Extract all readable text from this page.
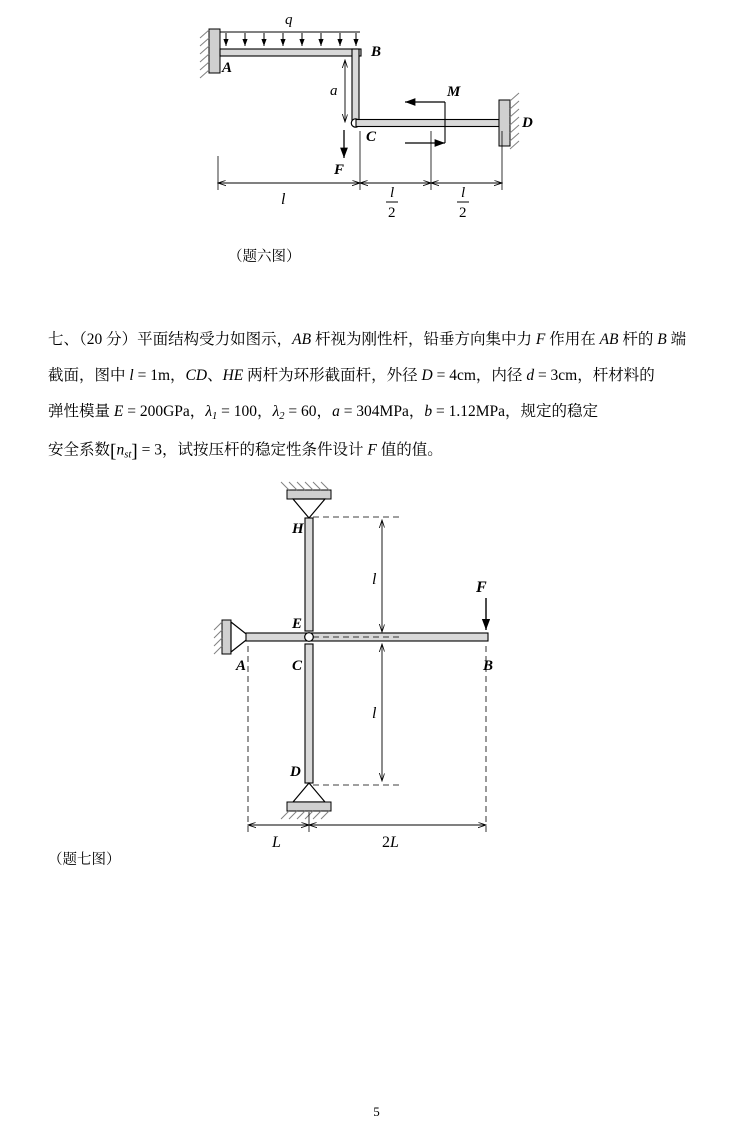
q
A
B
a
C
D
M
F
l	l
2
l
2
（题六图）
七、（20 分）平面结构受力如图示，AB 杆视为刚性杆，铅垂方向集中力 F 作用在 AB 杆的 B 端
截面，图中 l = 1m，CD、HE 两杆为环形截面杆，外径 D = 4cm，内径 d = 3cm，杆材料的
弹性模量 E = 200GPa，$\lambda_1 = 100$，$\lambda_2 = 60$，a = 304MPa，b = 1.12MPa，规定的稳定
安全系数$[n_{st}] = 3$，试按压杆的稳定性条件设计 F 值的值。
H
A
E
C	B
F
D
l
l
L	2L
（题七图）
5
